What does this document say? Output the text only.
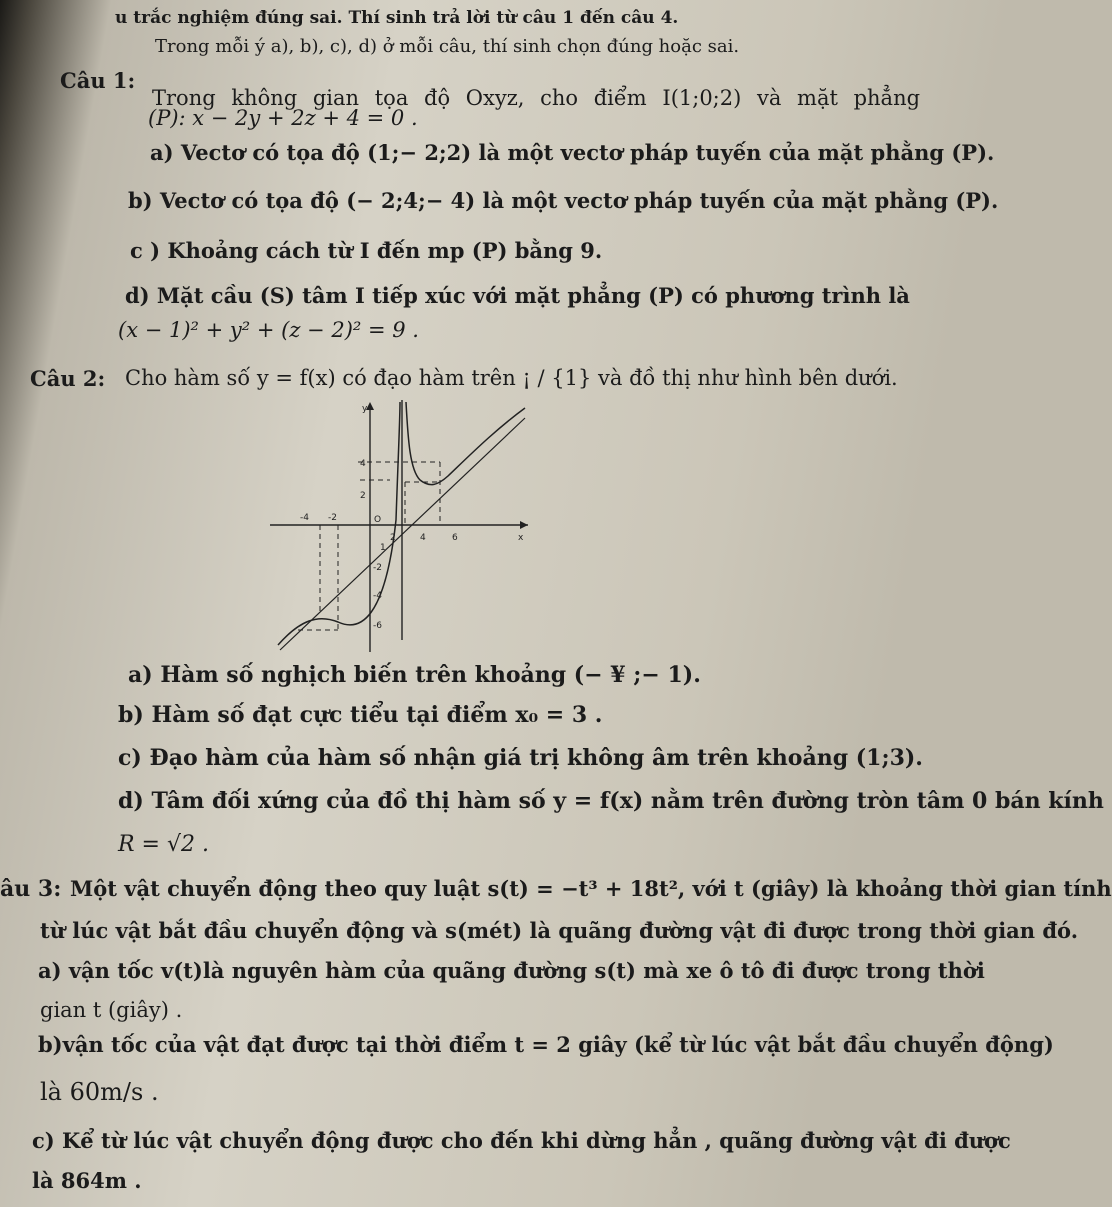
u trắc nghiệm đúng sai. Thí sinh trả lời từ câu 1 đến câu 4.
Trong mỗi ý a), b), c), d) ở mỗi câu, thí sinh chọn đúng hoặc sai.
Câu 1:
Trong không gian tọa độ Oxyz, cho điểm I(1;0;2) và mặt phẳng
(P): x − 2y + 2z + 4 = 0 .
a) Vectơ có tọa độ (1;− 2;2) là một vectơ pháp tuyến của mặt phằng (P).
b) Vectơ có tọa độ (− 2;4;− 4) là một vectơ pháp tuyến của mặt phằng (P).
c ) Khoảng cách từ I đến mp (P) bằng 9.
d) Mặt cầu (S) tâm I tiếp xúc với mặt phẳng (P) có phương trình là
(x − 1)² + y² + (z − 2)² = 9 .
Câu 2: Cho hàm số y = f(x) có đạo hàm trên ¡ / {1} và đồ thị như hình bên dưới.
y
x
O
-4 -2
2	4	6
4
2
-2
-4
-6
1
a) Hàm số nghịch biến trên khoảng (− ¥ ;− 1).
b) Hàm số đạt cực tiểu tại điểm x₀ = 3 .
c) Đạo hàm của hàm số nhận giá trị không âm trên khoảng (1;3).
d) Tâm đối xứng của đồ thị hàm số y = f(x) nằm trên đường tròn tâm 0 bán kính
R = √2 .
âu 3: Một vật chuyển động theo quy luật s(t) = −t³ + 18t², với t (giây) là khoảng thời gian tính
từ lúc vật bắt đầu chuyển động và s(mét) là quãng đường vật đi được trong thời gian đó.
a) vận tốc v(t)là nguyên hàm của quãng đường s(t) mà xe ô tô đi được trong thời
gian t (giây) .
b)vận tốc của vật đạt được tại thời điểm t = 2 giây (kể từ lúc vật bắt đầu chuyển động)
là 60m/s .
c) Kể từ lúc vật chuyển động được cho đến khi dừng hẳn , quãng đường vật đi được
là 864m .
